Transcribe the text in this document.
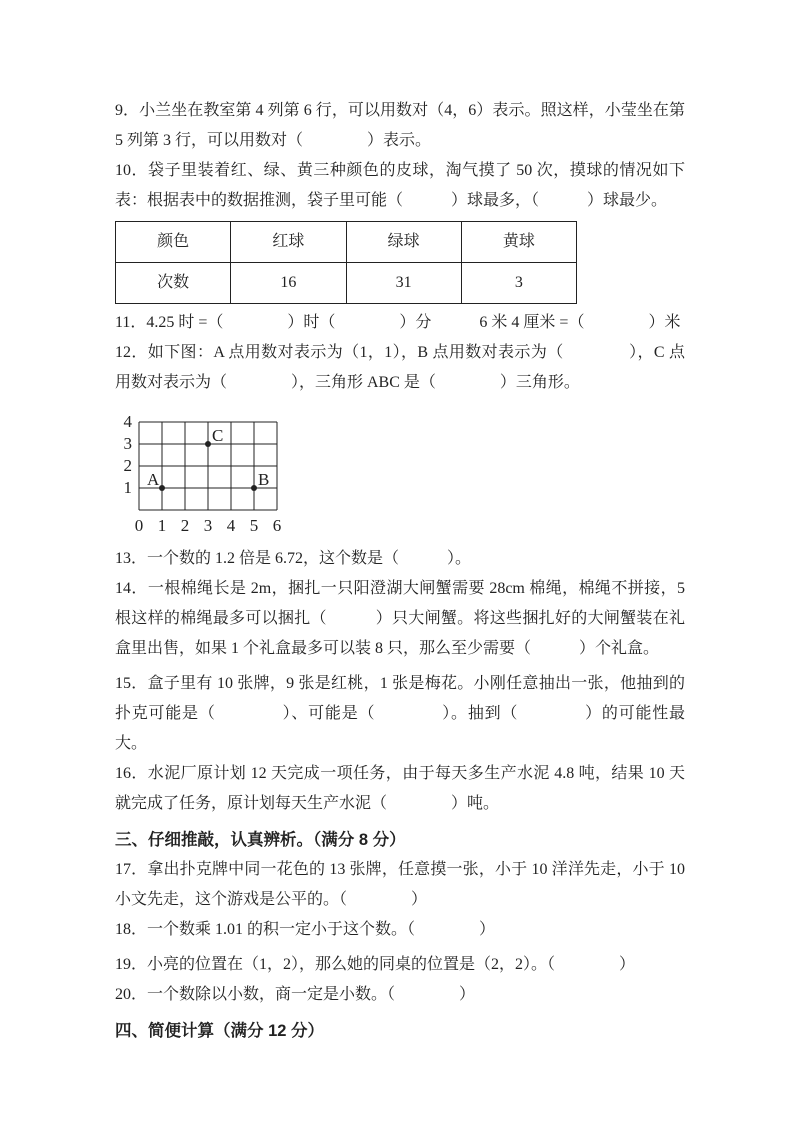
9．小兰坐在教室第 4 列第 6 行，可以用数对（4，6）表示。照这样，小莹坐在第 5 列第 3 行，可以用数对（　　　　）表示。

10．袋子里装着红、绿、黄三种颜色的皮球，淘气摸了 50 次，摸球的情况如下表：根据表中的数据推测，袋子里可能（　　　）球最多，（　　　）球最少。

颜色	红球	绿球	黄球
次数	16	31	3

11．4.25 时 =（　　　　）时（　　　　）分　　　6 米 4 厘米 =（　　　　）米

12．如下图：A 点用数对表示为（1，1），B 点用数对表示为（　　　　），C 点用数对表示为（　　　　），三角形 ABC 是（　　　　）三角形。

4
3
2
1
0 1 2 3 4 5 6
A	B
C

13．一个数的 1.2 倍是 6.72，这个数是（　　　）。

14．一根棉绳长是 2m，捆扎一只阳澄湖大闸蟹需要 28cm 棉绳，棉绳不拼接，5 根这样的棉绳最多可以捆扎（　　　）只大闸蟹。将这些捆扎好的大闸蟹装在礼盒里出售，如果 1 个礼盒最多可以装 8 只，那么至少需要（　　　）个礼盒。

15．盒子里有 10 张牌，9 张是红桃，1 张是梅花。小刚任意抽出一张，他抽到的扑克可能是（　　　　）、可能是（　　　　）。抽到（　　　　）的可能性最大。

16．水泥厂原计划 12 天完成一项任务，由于每天多生产水泥 4.8 吨，结果 10 天就完成了任务，原计划每天生产水泥（　　　　）吨。

三、仔细推敲，认真辨析。（满分 8 分）

17．拿出扑克牌中同一花色的 13 张牌，任意摸一张，小于 10 洋洋先走，小于 10 小文先走，这个游戏是公平的。（　　　　）

18．一个数乘 1.01 的积一定小于这个数。（　　　　）

19．小亮的位置在（1，2），那么她的同桌的位置是（2，2）。（　　　　）

20．一个数除以小数，商一定是小数。（　　　　）

四、简便计算（满分 12 分）
